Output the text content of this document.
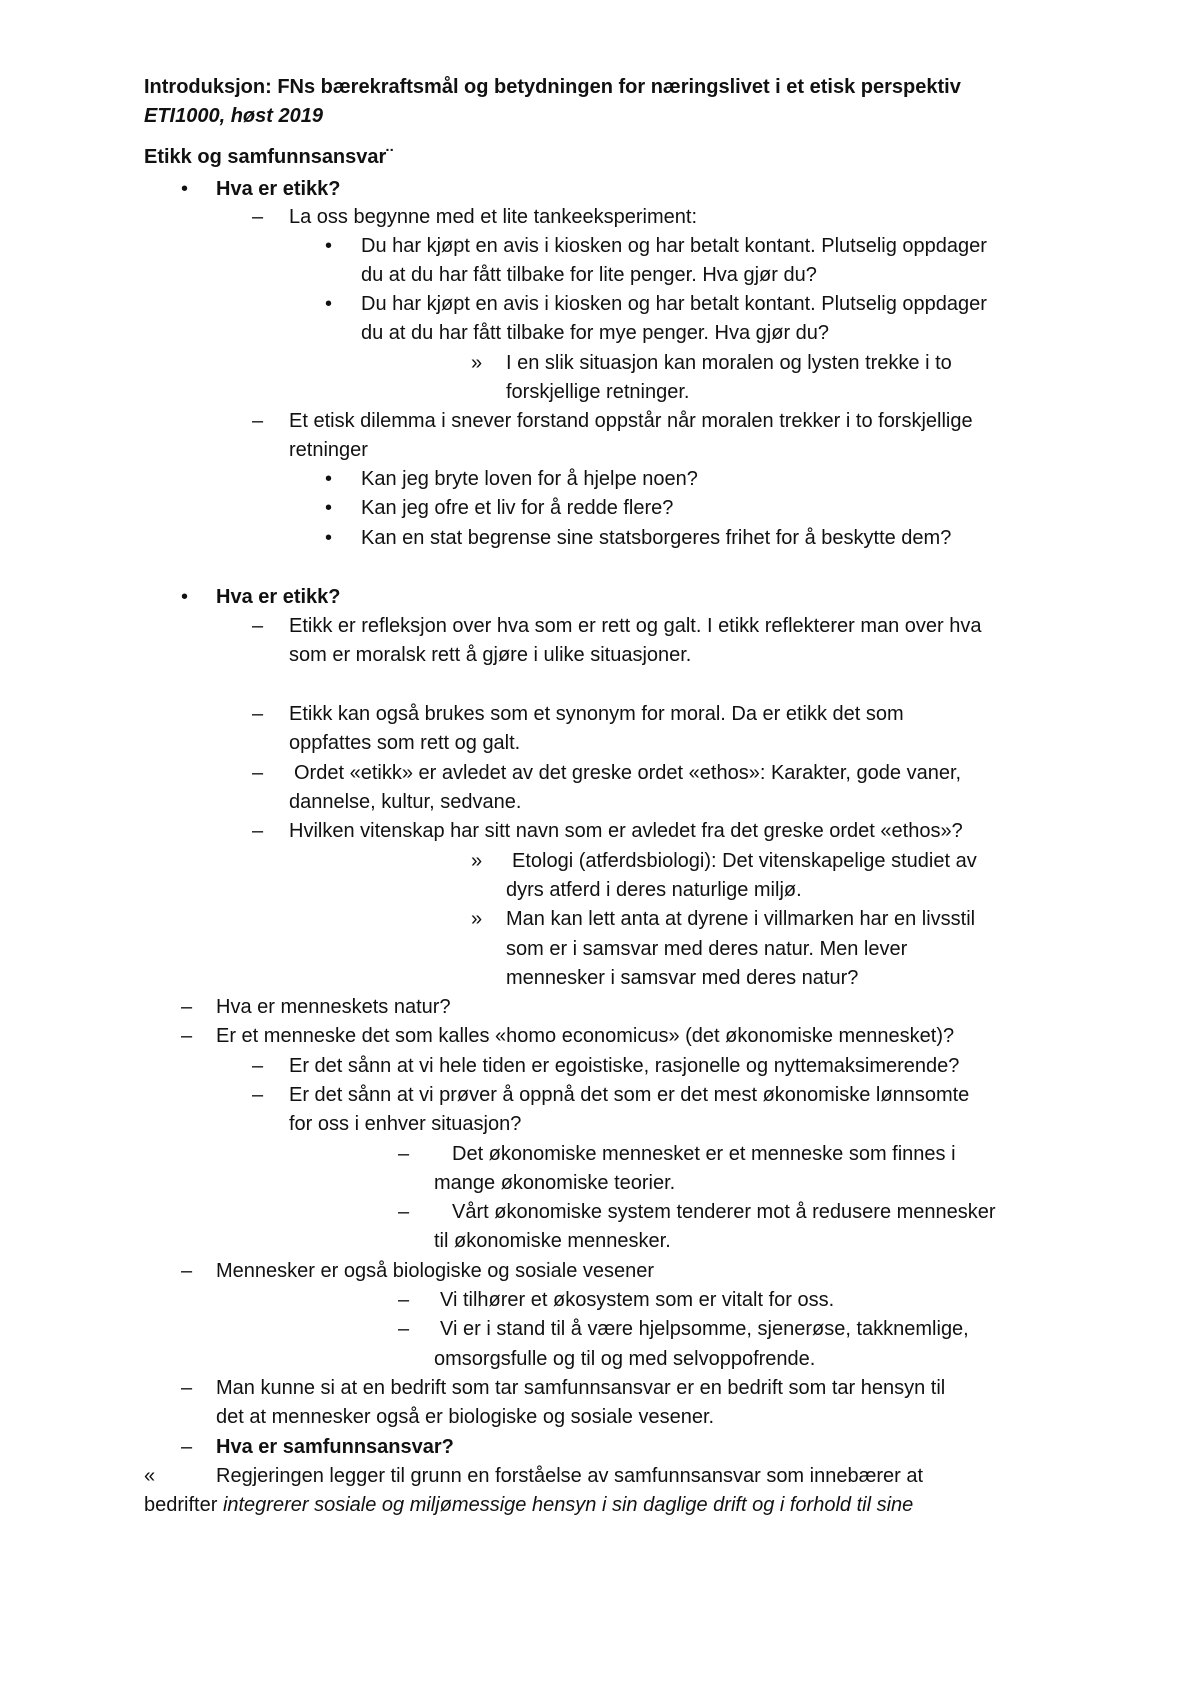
Introduksjon: FNs bærekraftsmål og betydningen for næringslivet i et etisk perspektiv
ETI1000, høst 2019
Etikk og samfunnsansvar¨
• Hva er etikk?
– La oss begynne med et lite tankeeksperiment:
• Du har kjøpt en avis i kiosken og har betalt kontant. Plutselig oppdager
du at du har fått tilbake for lite penger. Hva gjør du?
• Du har kjøpt en avis i kiosken og har betalt kontant. Plutselig oppdager
du at du har fått tilbake for mye penger. Hva gjør du?
» I en slik situasjon kan moralen og lysten trekke i to
forskjellige retninger.
– Et etisk dilemma i snever forstand oppstår når moralen trekker i to forskjellige
retninger
• Kan jeg bryte loven for å hjelpe noen?
• Kan jeg ofre et liv for å redde flere?
• Kan en stat begrense sine statsborgeres frihet for å beskytte dem?
• Hva er etikk?
– Etikk er refleksjon over hva som er rett og galt. I etikk reflekterer man over hva
som er moralsk rett å gjøre i ulike situasjoner.
– Etikk kan også brukes som et synonym for moral. Da er etikk det som
oppfattes som rett og galt.
– Ordet «etikk» er avledet av det greske ordet «ethos»: Karakter, gode vaner,
dannelse, kultur, sedvane.
– Hvilken vitenskap har sitt navn som er avledet fra det greske ordet «ethos»?
» Etologi (atferdsbiologi): Det vitenskapelige studiet av
dyrs atferd i deres naturlige miljø.
» Man kan lett anta at dyrene i villmarken har en livsstil
som er i samsvar med deres natur. Men lever
mennesker i samsvar med deres natur?
– Hva er menneskets natur?
– Er et menneske det som kalles «homo economicus» (det økonomiske mennesket)?
– Er det sånn at vi hele tiden er egoistiske, rasjonelle og nyttemaksimerende?
– Er det sånn at vi prøver å oppnå det som er det mest økonomiske lønnsomte
for oss i enhver situasjon?
– Det økonomiske mennesket er et menneske som finnes i
mange økonomiske teorier.
– Vårt økonomiske system tenderer mot å redusere mennesker
til økonomiske mennesker.
– Mennesker er også biologiske og sosiale vesener
– Vi tilhører et økosystem som er vitalt for oss.
– Vi er i stand til å være hjelpsomme, sjenerøse, takknemlige,
omsorgsfulle og til og med selvoppofrende.
– Man kunne si at en bedrift som tar samfunnsansvar er en bedrift som tar hensyn til
det at mennesker også er biologiske og sosiale vesener.
– Hva er samfunnsansvar?
«	Regjeringen legger til grunn en forståelse av samfunnsansvar som innebærer at
bedrifter integrerer sosiale og miljømessige hensyn i sin daglige drift og i forhold til sine
